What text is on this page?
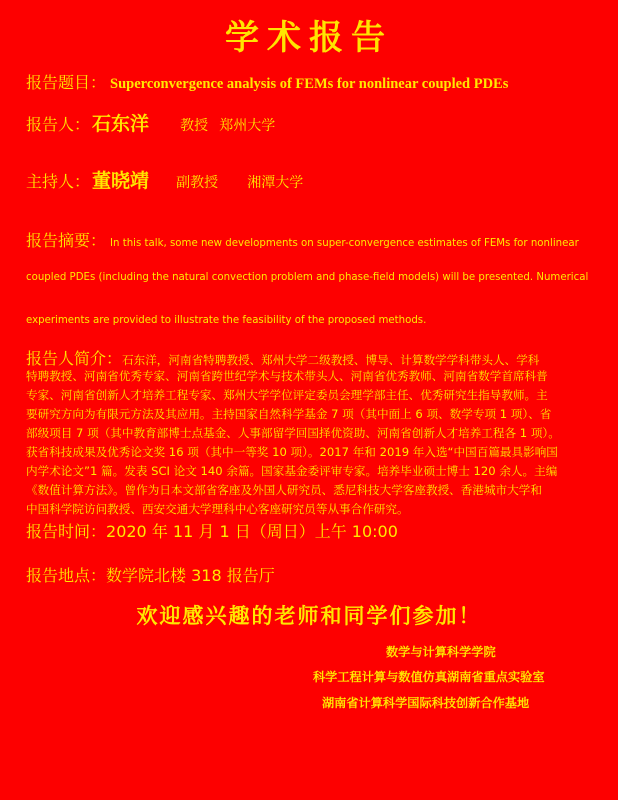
学术报告
报告题目： Superconvergence analysis of FEMs for nonlinear coupled PDEs
报告人： 石东洋 教授 郑州大学
主持人： 董晓靖 副教授 湘潭大学
报告摘要： In this talk, some new developments on super-convergence estimates of FEMs for nonlinear
coupled PDEs (including the natural convection problem and phase-field models) will be presented. Numerical
experiments are provided to illustrate the feasibility of the proposed methods.
报告人简介：石东洋，河南省特聘教授、郑州大学二级教授、博导、计算数学学科带头人、学科
特聘教授、河南省优秀专家、河南省跨世纪学术与技术带头人、河南省优秀教师、河南省数学首席科普
专家、河南省创新人才培养工程专家、郑州大学学位评定委员会理学部主任、优秀研究生指导教师。主
要研究方向为有限元方法及其应用。主持国家自然科学基金 7 项（其中面上 6 项、数学专项 1 项）、省
部级项目 7 项（其中教育部博士点基金、人事部留学回国择优资助、河南省创新人才培养工程各 1 项）。
获省科技成果及优秀论文奖 16 项（其中一等奖 10 项）。2017 年和 2019 年入选“中国百篇最具影响国
内学术论文”1 篇。发表 SCI 论文 140 余篇。国家基金委评审专家。培养毕业硕士博士 120 余人。主编
《数值计算方法》。曾作为日本文部省客座及外国人研究员、悉尼科技大学客座教授、香港城市大学和
中国科学院访问教授、西安交通大学理科中心客座研究员等从事合作研究。
报告时间：2020 年 11 月 1 日（周日）上午 10:00
报告地点：数学院北楼 318 报告厅
欢迎感兴趣的老师和同学们参加！
数学与计算科学学院
科学工程计算与数值仿真湖南省重点实验室
湖南省计算科学国际科技创新合作基地
